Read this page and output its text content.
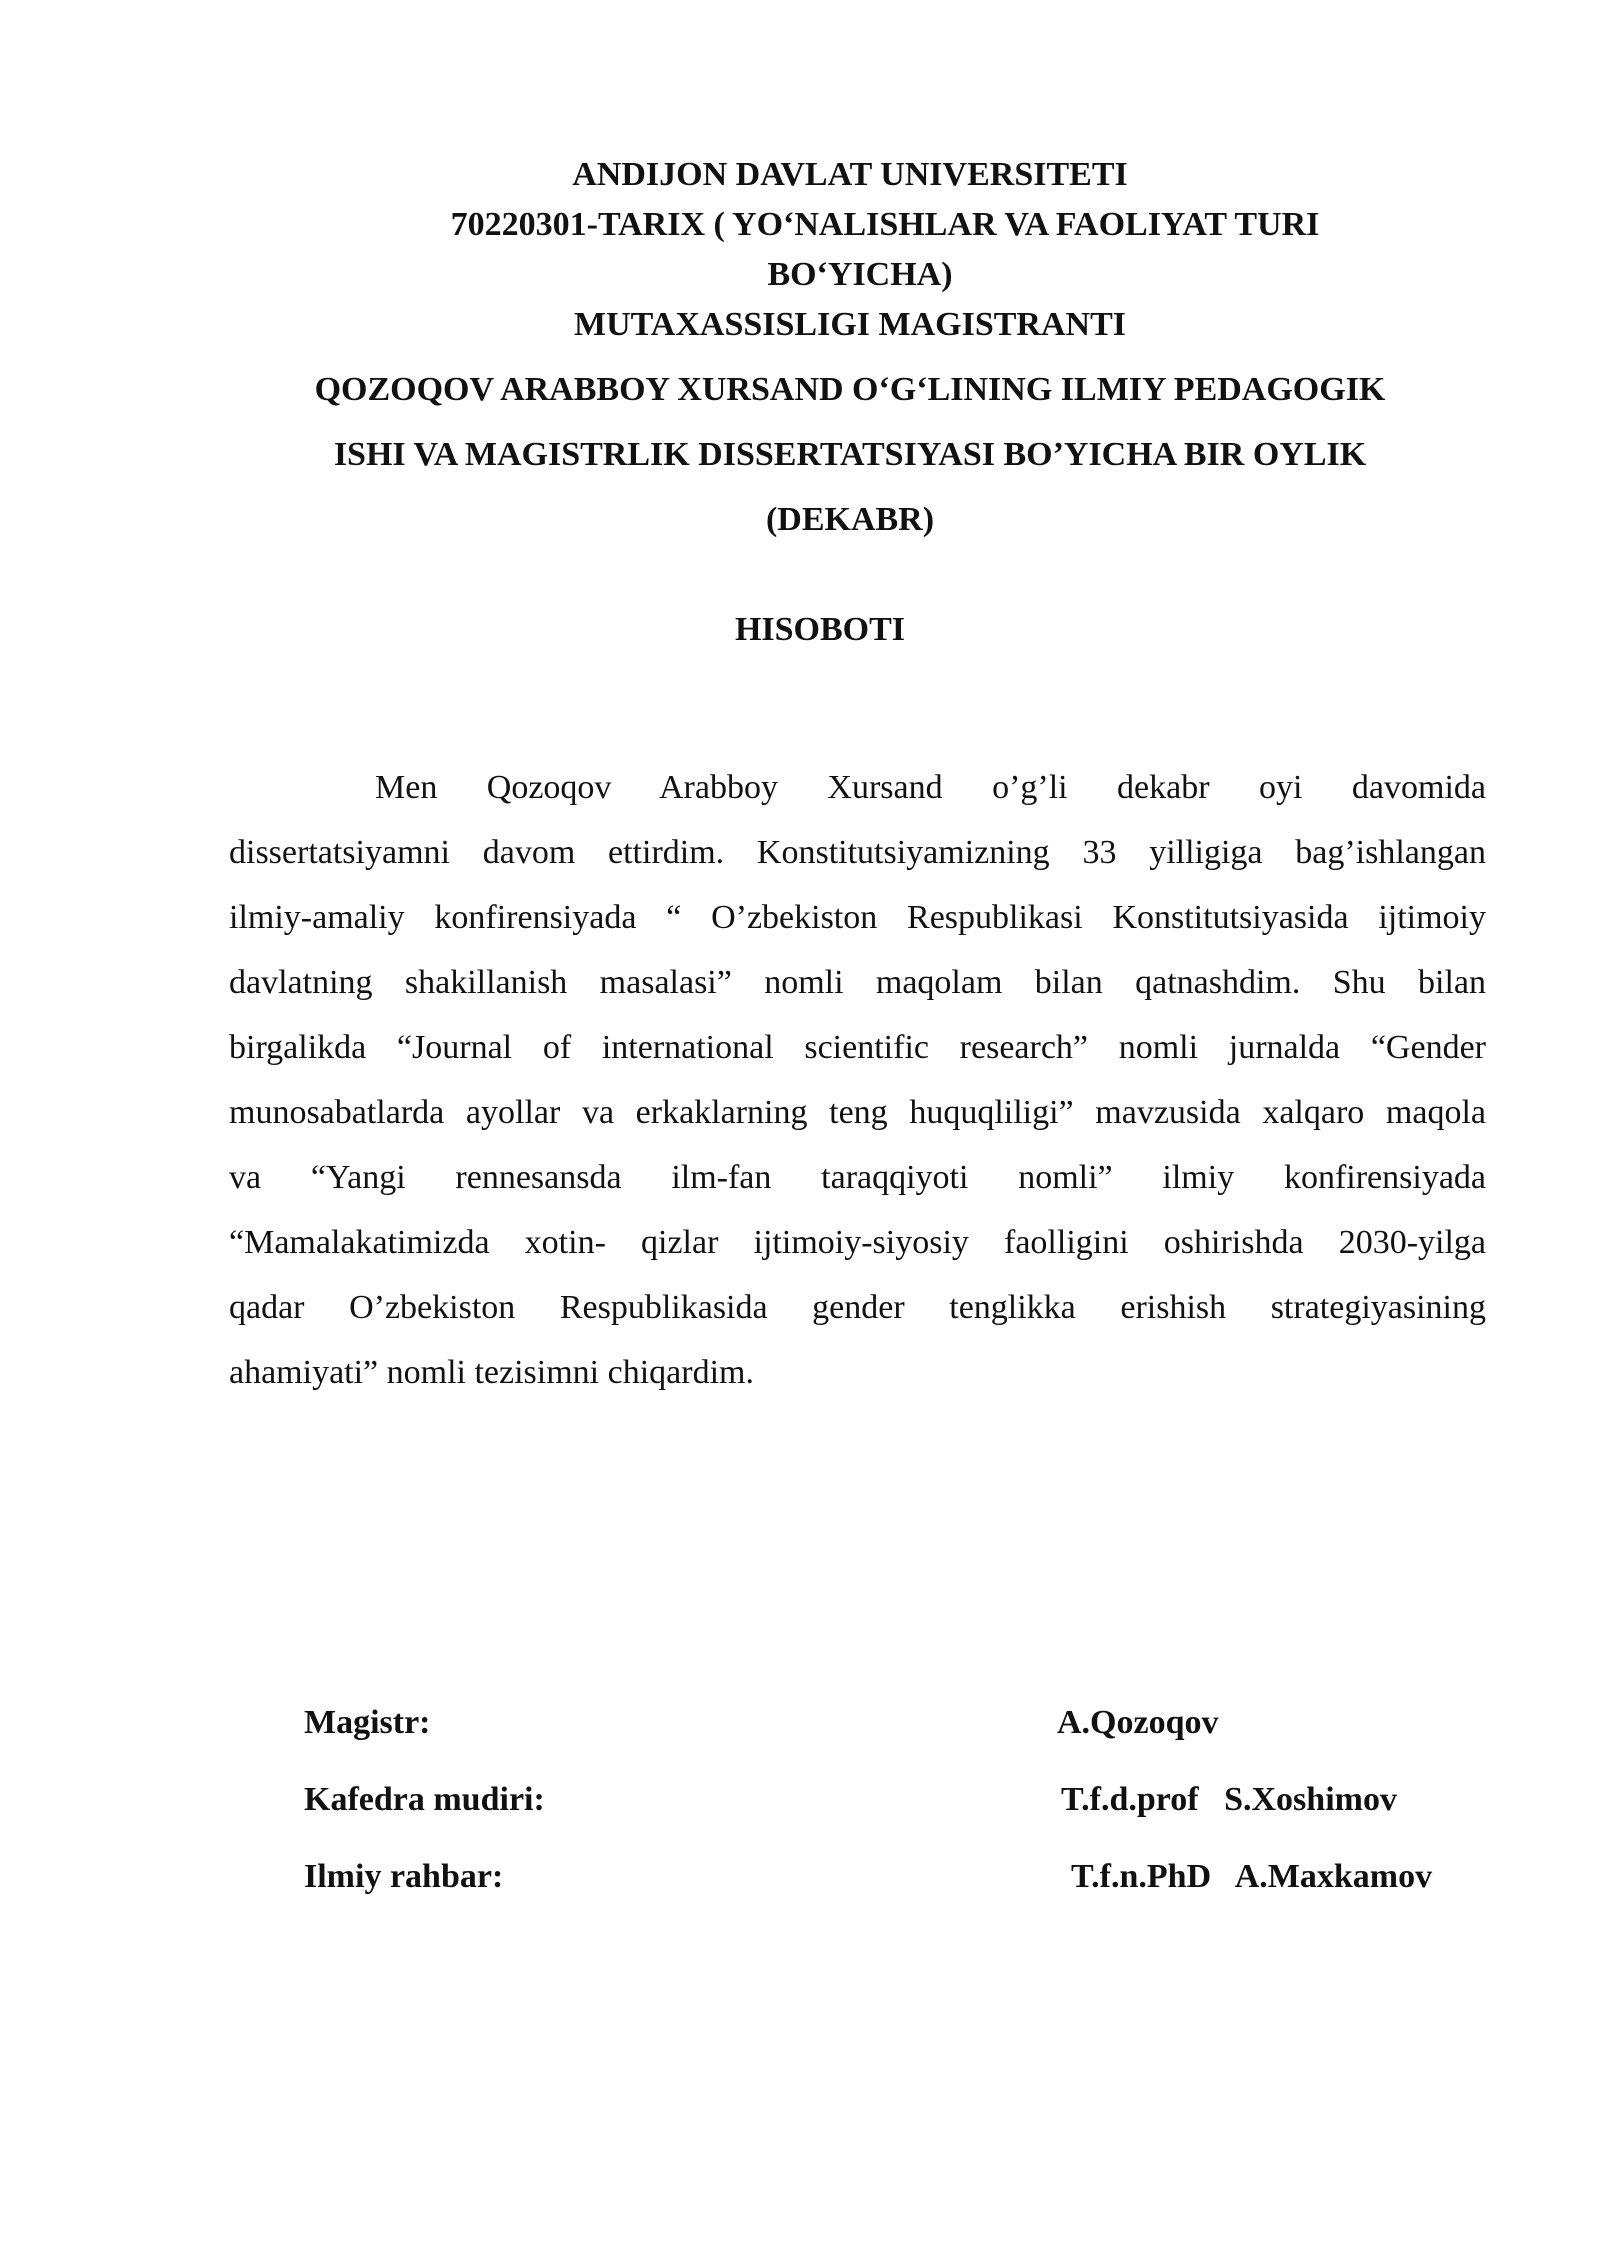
ANDIJON DAVLAT UNIVERSITETI
70220301-TARIX ( YO‘NALISHLAR VA FAOLIYAT TURI
BO‘YICHA)
MUTAXASSISLIGI MAGISTRANTI
QOZOQOV ARABBOY XURSAND O‘G‘LINING ILMIY PEDAGOGIK
ISHI VA MAGISTRLIK DISSERTATSIYASI BO’YICHA BIR OYLIK
(DEKABR)
HISOBOTI
Men Qozoqov Arabboy Xursand o’g’li dekabr oyi davomida
dissertatsiyamni davom ettirdim. Konstitutsiyamizning 33 yilligiga bag’ishlangan
ilmiy-amaliy konfirensiyada “ O’zbekiston Respublikasi Konstitutsiyasida ijtimoiy
davlatning shakillanish masalasi” nomli maqolam bilan qatnashdim. Shu bilan
birgalikda “Journal of international scientific research” nomli jurnalda “Gender
munosabatlarda ayollar va erkaklarning teng huquqliligi” mavzusida xalqaro maqola
va “Yangi rennesansda ilm-fan taraqqiyoti nomli” ilmiy konfirensiyada
“Mamalakatimizda xotin- qizlar ijtimoiy-siyosiy faolligini oshirishda 2030-yilga
qadar O’zbekiston Respublikasida gender tenglikka erishish strategiyasining
ahamiyati” nomli tezisimni chiqardim.
Magistr:	A.Qozoqov
Kafedra mudiri:	T.f.d.prof   S.Xoshimov
Ilmiy rahbar:	T.f.n.PhD   A.Maxkamov
